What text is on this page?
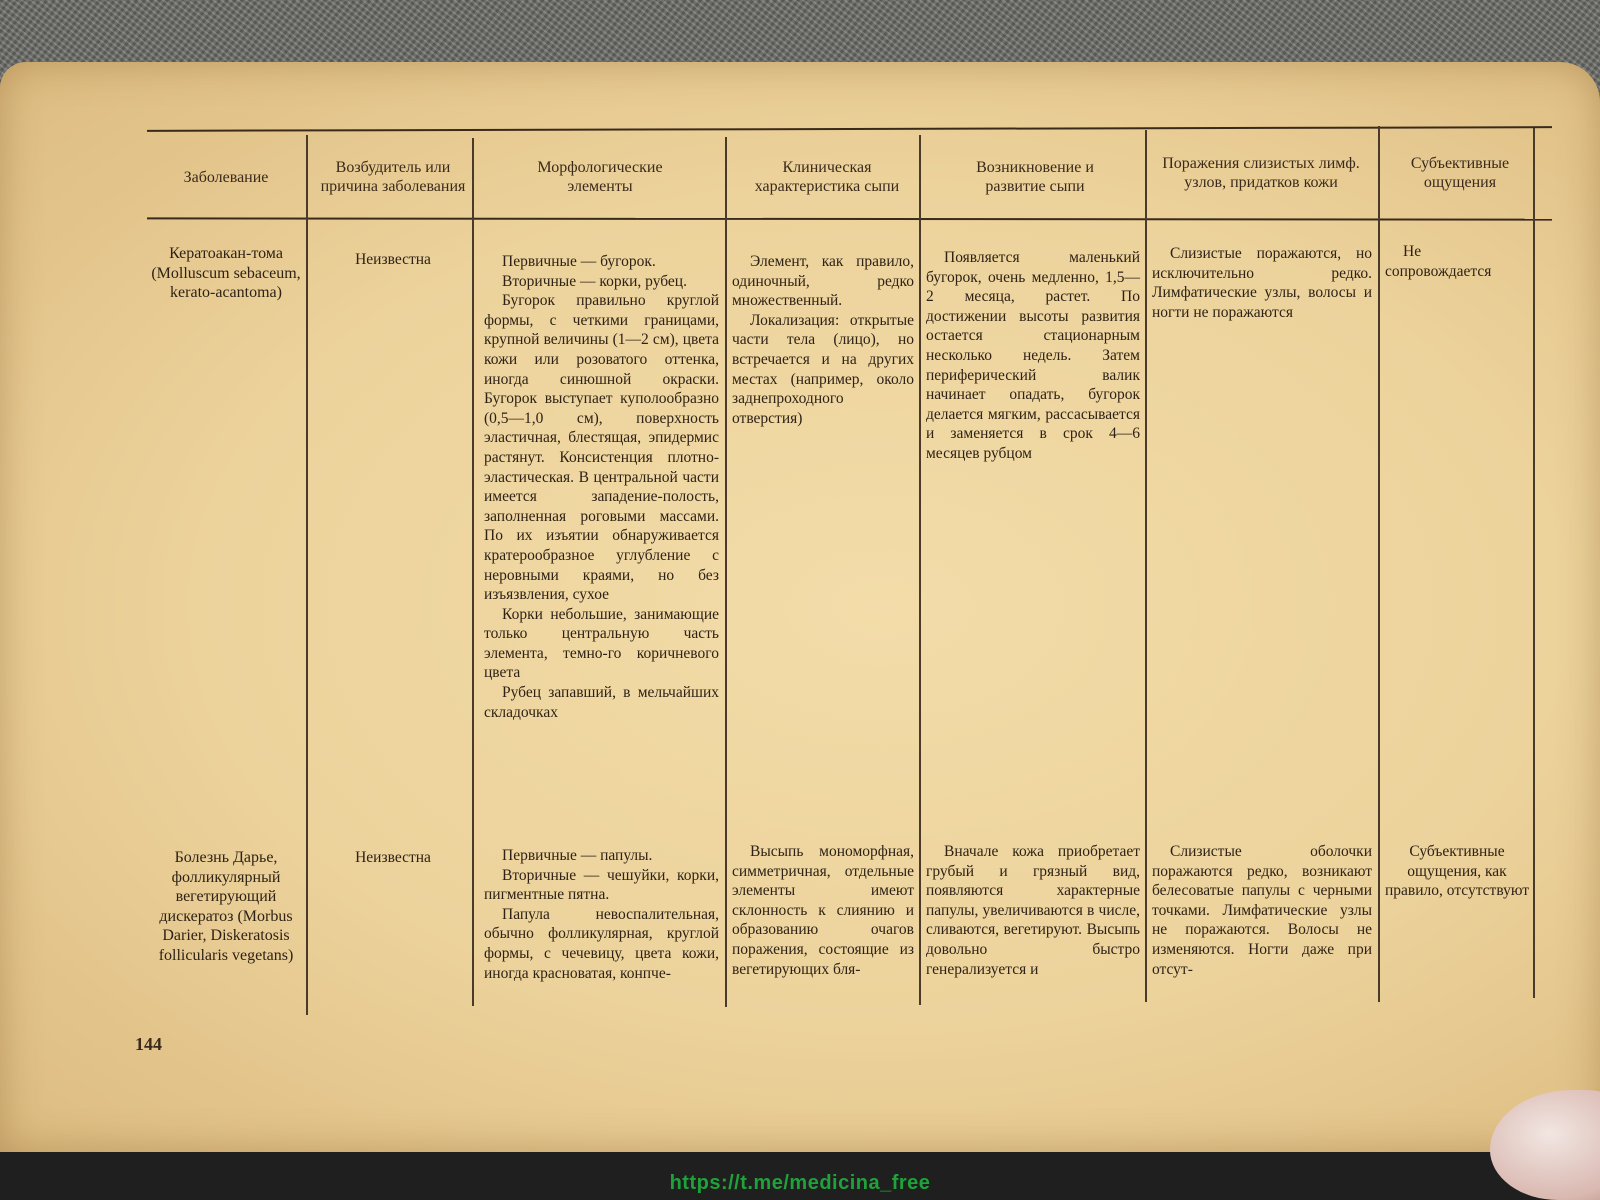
Заболевание
Возбудитель или причина заболевания
Морфологические элементы
Клиническая характеристика сыпи
Возникновение и развитие сыпи
Поражения слизистых лимф. узлов, придатков кожи
Субъективные ощущения
Кератоакан-тома (Molluscum sebaceum, kerato-acantoma)
Неизвестна	Первичные — бугорок.

Вторичные — корки, рубец.

Бугорок правильно круглой формы, с четкими границами, крупной величины (1—2 см), цвета кожи или розоватого оттенка, иногда синюшной окраски. Бугорок выступает куполообразно (0,5—1,0 см), поверхность эластичная, блестящая, эпидермис растянут. Консистенция плотно-эластическая. В центральной части имеется западение-полость, заполненная роговыми массами. По их изъятии обнаруживается кратерообразное углубление с неровными краями, но без изъязвления, сухое

Корки небольшие, занимающие только центральную часть элемента, темно-го коричневого цвета

Рубец запавший, в мельчайших складочках

Элемент, как правило, одиночный, редко множественный.

Локализация: открытые части тела (лицо), но встречается и на других местах (например, около заднепроходного отверстия)

Появляется маленький бугорок, очень медленно, 1,5—2 месяца, растет. По достижении высоты развития остается стационарным несколько недель. Затем периферический валик начинает опадать, бугорок делается мягким, рассасывается и заменяется в срок 4—6 месяцев рубцом

Слизистые поражаются, но исключительно редко. Лимфатические узлы, волосы и ногти не поражаются

Не сопровождается

Болезнь Дарье, фолликулярный вегетирующий дискератоз (Morbus Darier, Diskeratosis follicularis vegetans)
Неизвестна	Первичные — папулы.

Вторичные — чешуйки, корки, пигментные пятна.

Папула невоспалительная, обычно фолликулярная, круглой формы, с чечевицу, цвета кожи, иногда красноватая, конпче-

Высыпь мономорфная, симметричная, отдельные элементы имеют склонность к слиянию и образованию очагов поражения, состоящие из вегетирующих бля-

Вначале кожа приобретает грубый и грязный вид, появляются характерные папулы, увеличиваются в числе, сливаются, вегетируют. Высыпь довольно быстро генерализуется и

Слизистые оболочки поражаются редко, возникают белесоватые папулы с черными точками. Лимфатические узлы не поражаются. Волосы не изменяются. Ногти даже при отсут-

Субъективные ощущения, как правило, отсутствуют

144
https://t.me/medicina_free
